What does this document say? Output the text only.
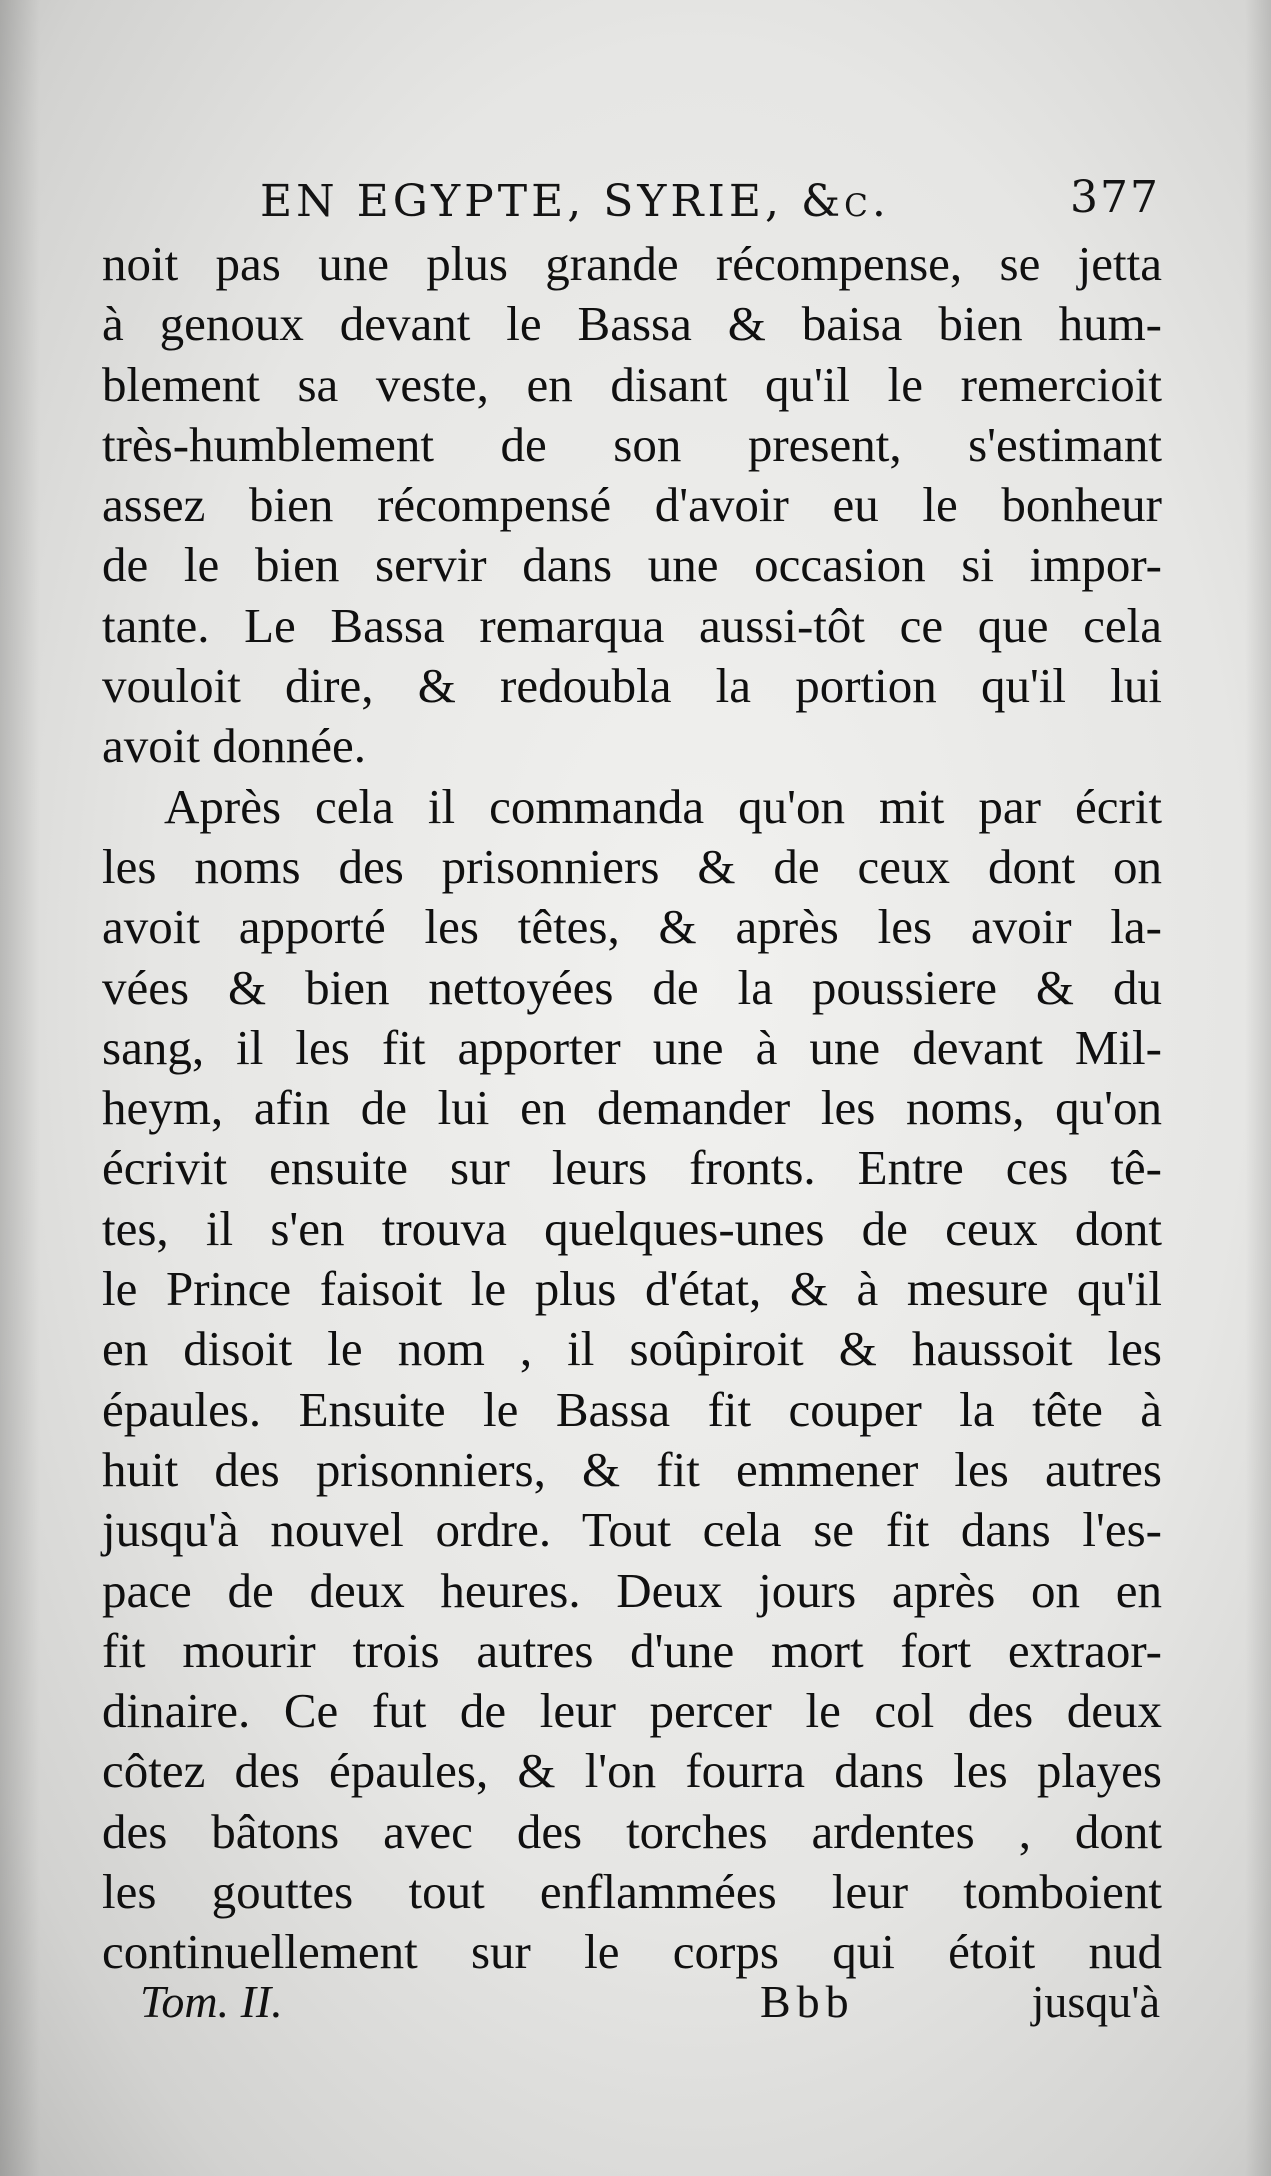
EN EGYPTE, SYRIE, &c.	377
noit pas une plus grande récompense, se jetta
à genoux devant le Bassa & baisa bien hum-
blement sa veste, en disant qu'il le remercioit
très-humblement de son present, s'estimant
assez bien récompensé d'avoir eu le bonheur
de le bien servir dans une occasion si impor-
tante. Le Bassa remarqua aussi-tôt ce que cela
vouloit dire, & redoubla la portion qu'il lui
avoit donnée.
Après cela il commanda qu'on mit par écrit
les noms des prisonniers & de ceux dont on
avoit apporté les têtes, & après les avoir la-
vées & bien nettoyées de la poussiere & du
sang, il les fit apporter une à une devant Mil-
heym, afin de lui en demander les noms, qu'on
écrivit ensuite sur leurs fronts. Entre ces tê-
tes, il s'en trouva quelques-unes de ceux dont
le Prince faisoit le plus d'état, & à mesure qu'il
en disoit le nom , il soûpiroit & haussoit les
épaules. Ensuite le Bassa fit couper la tête à
huit des prisonniers, & fit emmener les autres
jusqu'à nouvel ordre. Tout cela se fit dans l'es-
pace de deux heures. Deux jours après on en
fit mourir trois autres d'une mort fort extraor-
dinaire. Ce fut de leur percer le col des deux
côtez des épaules, & l'on fourra dans les playes
des bâtons avec des torches ardentes , dont
les gouttes tout enflammées leur tomboient
continuellement sur le corps qui étoit nud
Tom. II.	Bbb	jusqu'à
